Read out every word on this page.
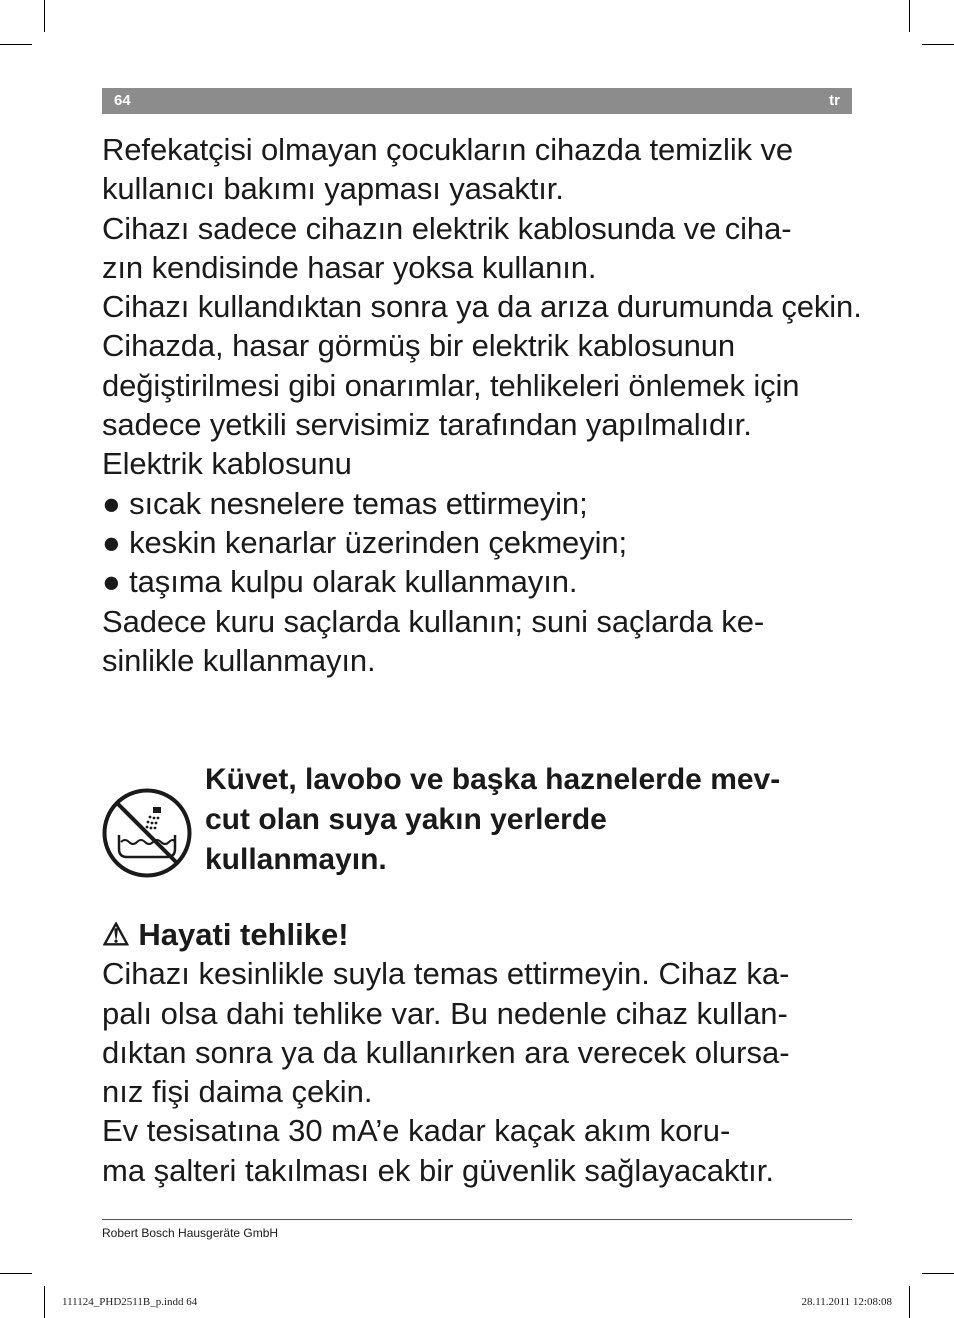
64	tr

Refekatçisi olmayan çocukların cihazda temizlik ve kullanıcı bakımı yapması yasaktır.

Cihazı sadece cihazın elektrik kablosunda ve ciha-

zın kendisinde hasar yoksa kullanın.

Cihazı kullandıktan sonra ya da arıza durumunda çekin.

Cihazda, hasar görmüş bir elektrik kablosunun değiştirilmesi gibi onarımlar, tehlikeleri önlemek için sadece yetkili servisimiz tarafından yapılmalıdır.

Elektrik kablosunu

● sıcak nesnelere temas ettirmeyin;

● keskin kenarlar üzerinden çekmeyin;

● taşıma kulpu olarak kullanmayın.

Sadece kuru saçlarda kullanın; suni saçlarda ke-

sinlikle kullanmayın.

Küvet, lavobo ve başka haznelerde mev-

cut olan suya yakın yerlerde

kullanmayın.

⚠ Hayati tehlike!

Cihazı kesinlikle suyla temas ettirmeyin. Cihaz ka-

palı olsa dahi tehlike var. Bu nedenle cihaz kullan-

dıktan sonra ya da kullanırken ara verecek olursa-

nız fişi daima çekin.

Ev tesisatına 30 mA’e kadar kaçak akım koru-

ma şalteri takılması ek bir güvenlik sağlayacaktır.

Robert Bosch Hausgeräte GmbH
111124_PHD2511B_p.indd 64	28.11.2011 12:08:08
